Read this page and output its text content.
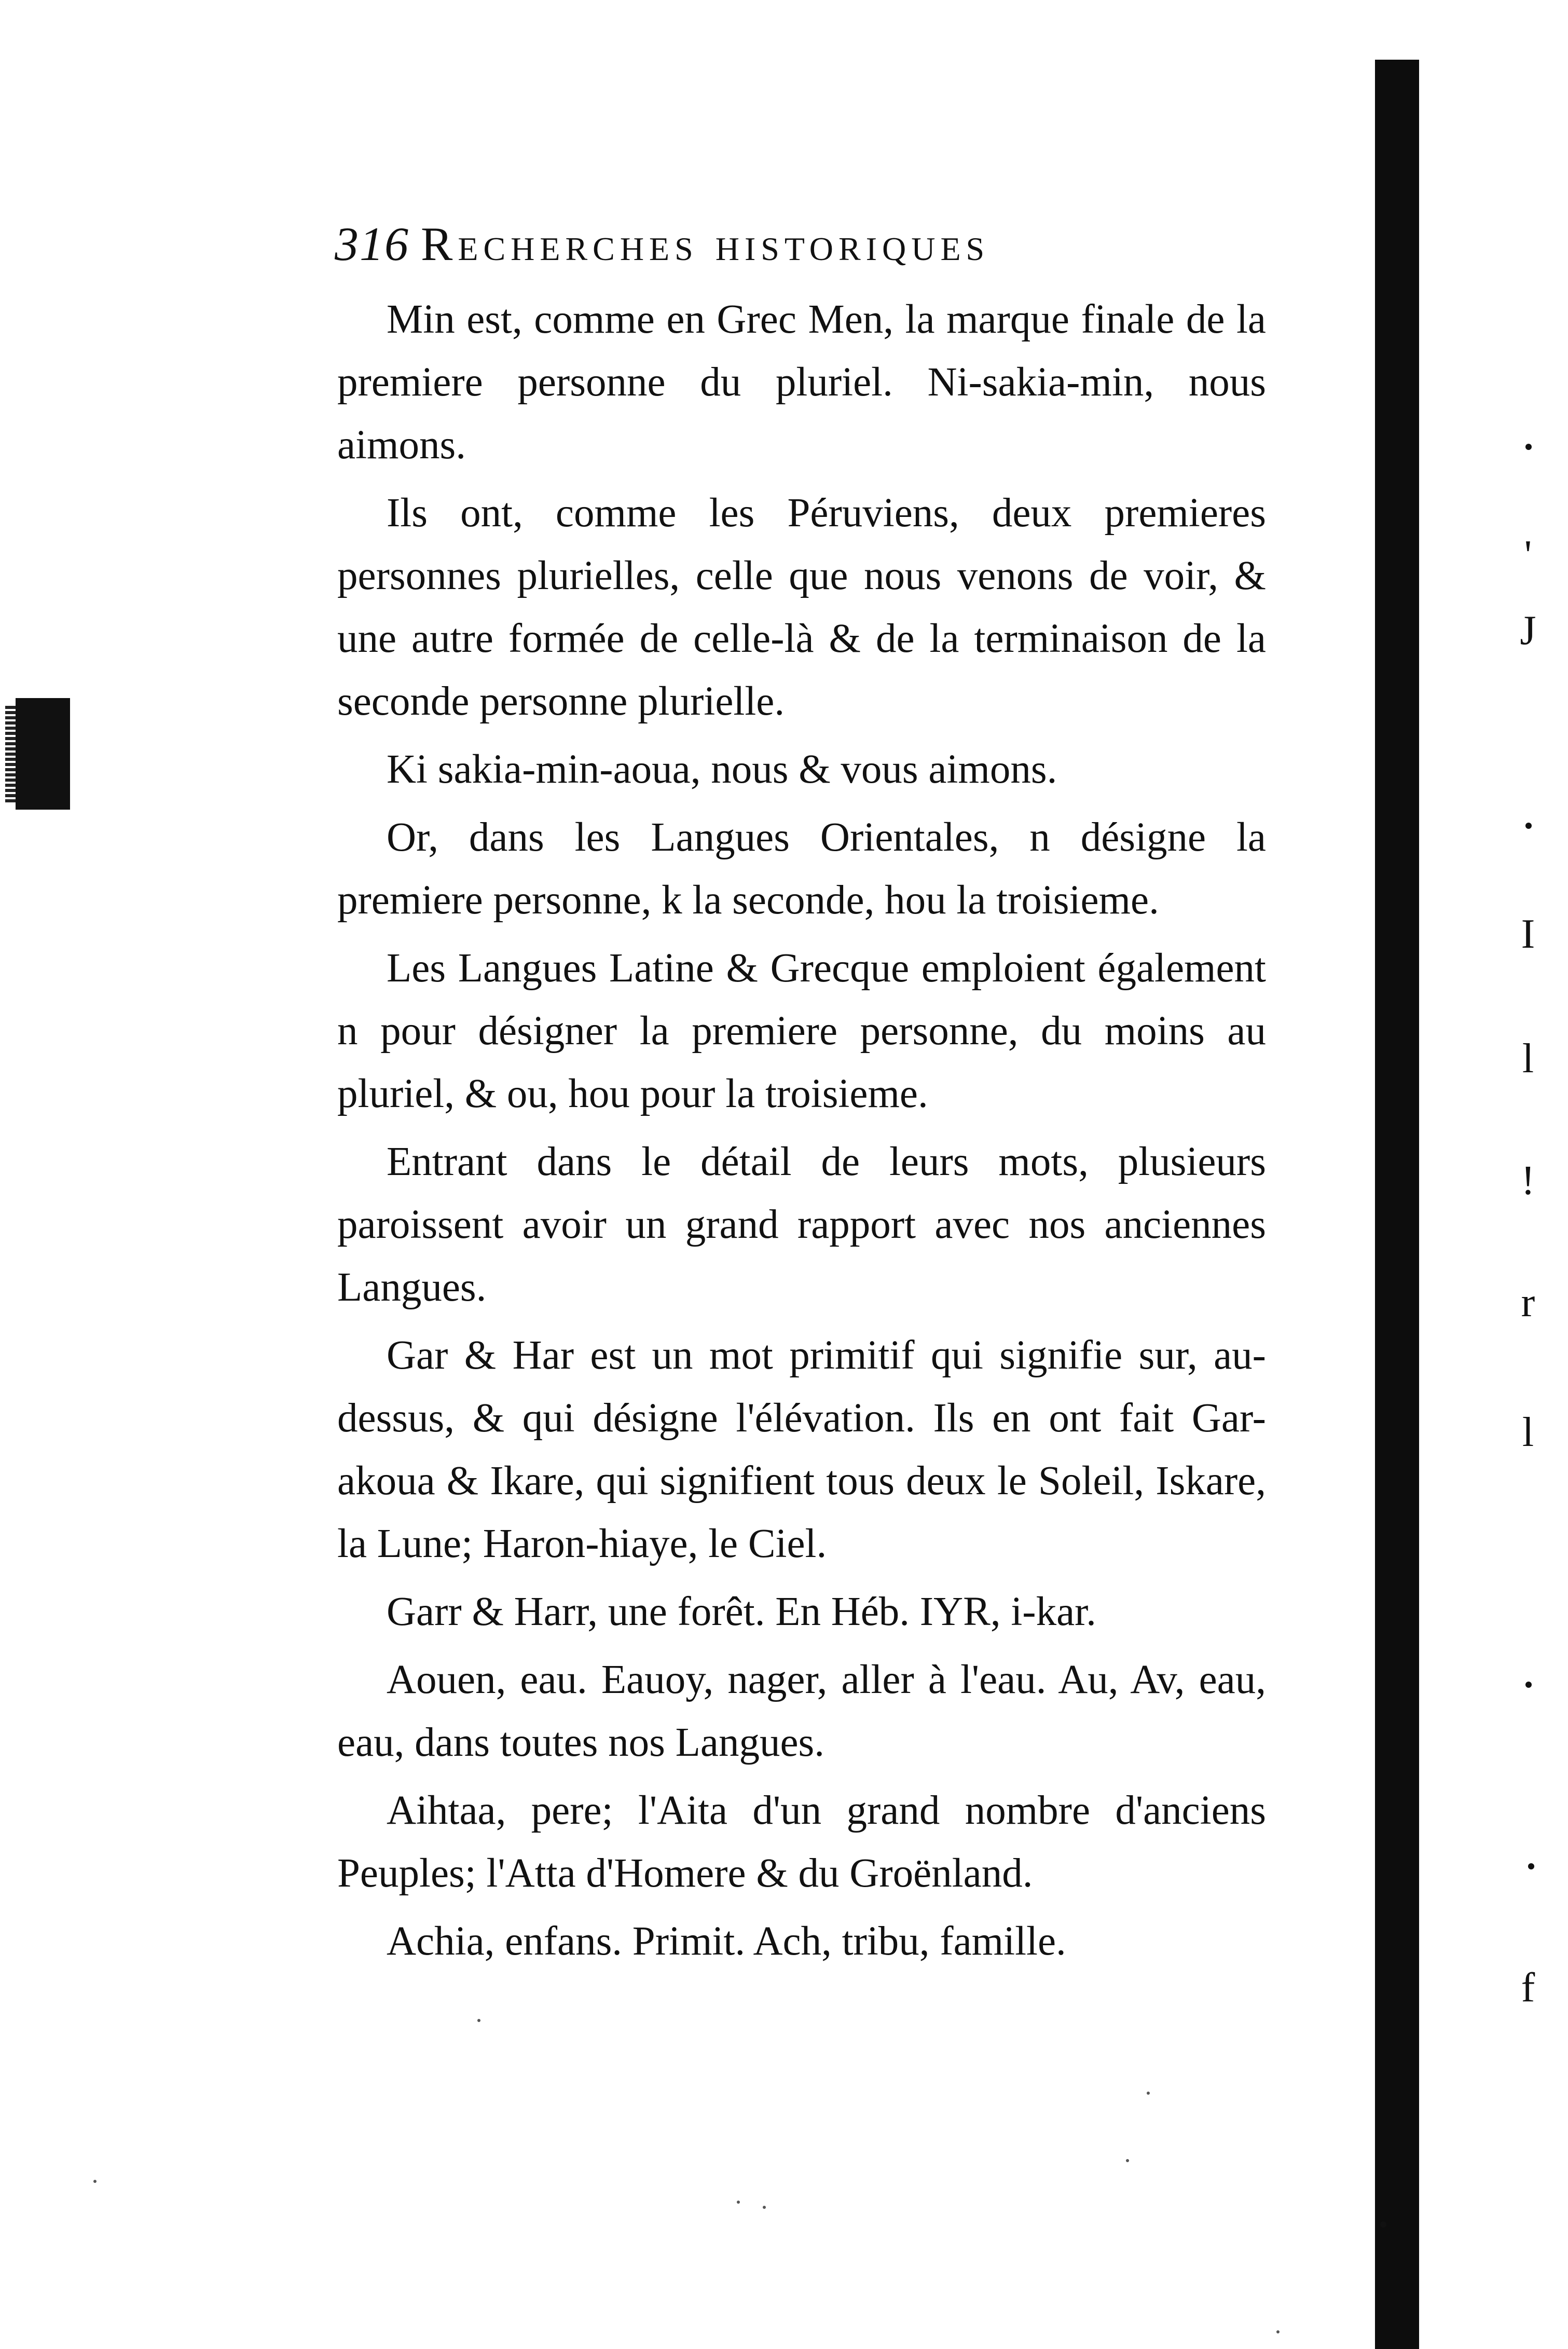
316 Recherches historiques

Min est, comme en Grec Men, la marque finale de la premiere personne du pluriel. Ni-sakia-min, nous aimons.

Ils ont, comme les Péruviens, deux premieres personnes plurielles, celle que nous venons de voir, & une autre formée de celle-là & de la terminaison de la seconde personne plurielle.

Ki sakia-min-aoua, nous & vous aimons.

Or, dans les Langues Orientales, n désigne la premiere personne, k la seconde, hou la troisieme.

Les Langues Latine & Grecque emploient également n pour désigner la premiere personne, du moins au pluriel, & ou, hou pour la troisieme.

Entrant dans le détail de leurs mots, plusieurs paroissent avoir un grand rapport avec nos anciennes Langues.

Gar & Har est un mot primitif qui signifie sur, au-dessus, & qui désigne l'élévation. Ils en ont fait Gar-akoua & Ikare, qui signifient tous deux le Soleil, Iskare, la Lune; Haron-hiaye, le Ciel.

Garr & Harr, une forêt. En Héb. IYR, i-kar.

Aouen, eau. Eauoy, nager, aller à l'eau. Au, Av, eau, eau, dans toutes nos Langues.

Aihtaa, pere; l'Aita d'un grand nombre d'anciens Peuples; l'Atta d'Homere & du Groënland.

Achia, enfans. Primit. Ach, tribu, famille.

'
J
I
l
!
r
l
f
